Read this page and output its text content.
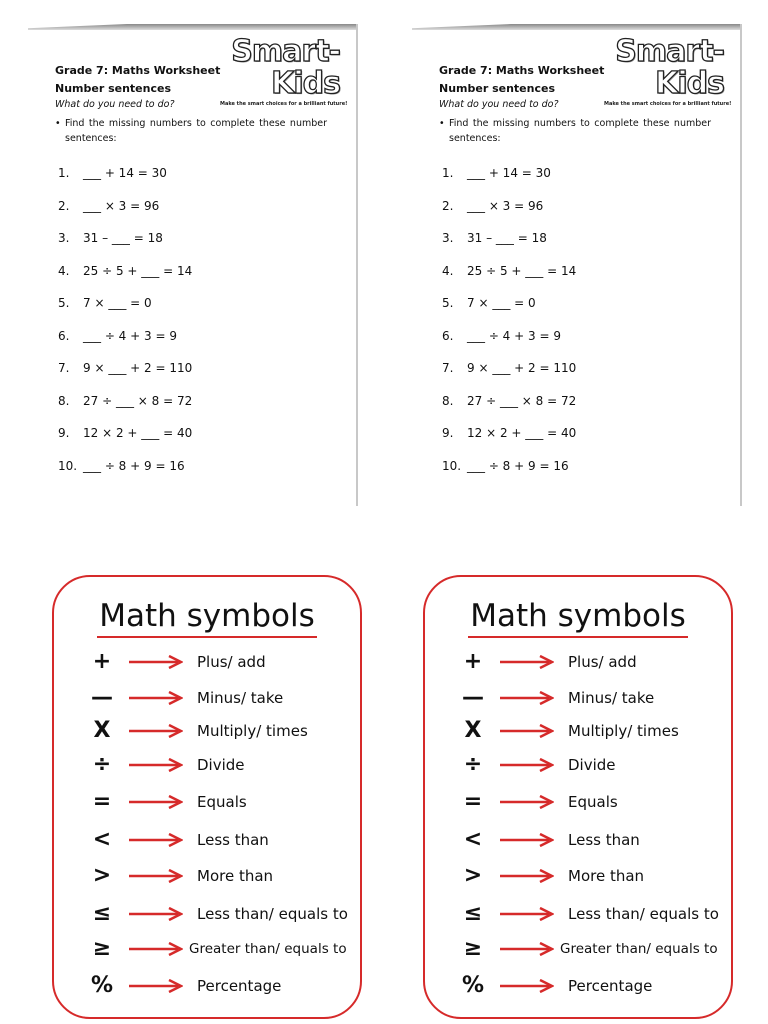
Smart-Kids
Make the smart choices for a brilliant future!
Grade 7: Maths Worksheet
Number sentences
What do you need to do?
• Find the missing numbers to complete these number
sentences:
1. ___ + 14 = 30
2. ___ × 3 = 96
3. 31 – ___ = 18
4. 25 ÷ 5 + ___ = 14
5. 7 × ___ = 0
6. ___ ÷ 4 + 3 = 9
7. 9 × ___ + 2 = 110
8. 27 ÷ ___ × 8 = 72
9. 12 × 2 + ___ = 40
10. ___ ÷ 8 + 9 = 16
Smart-Kids
Make the smart choices for a brilliant future!
Grade 7: Maths Worksheet
Number sentences
What do you need to do?
• Find the missing numbers to complete these number
sentences:
1. ___ + 14 = 30
2. ___ × 3 = 96
3. 31 – ___ = 18
4. 25 ÷ 5 + ___ = 14
5. 7 × ___ = 0
6. ___ ÷ 4 + 3 = 9
7. 9 × ___ + 2 = 110
8. 27 ÷ ___ × 8 = 72
9. 12 × 2 + ___ = 40
10. ___ ÷ 8 + 9 = 16
Math symbols
+	Plus/ add
—	Minus/ take
X	Multiply/ times
÷	Divide
=	Equals
<	Less than
>	More than
≤	Less than/ equals to
≥	Greater than/ equals to
%	Percentage
Math symbols
+	Plus/ add
—	Minus/ take
X	Multiply/ times
÷	Divide
=	Equals
<	Less than
>	More than
≤	Less than/ equals to
≥	Greater than/ equals to
%	Percentage
